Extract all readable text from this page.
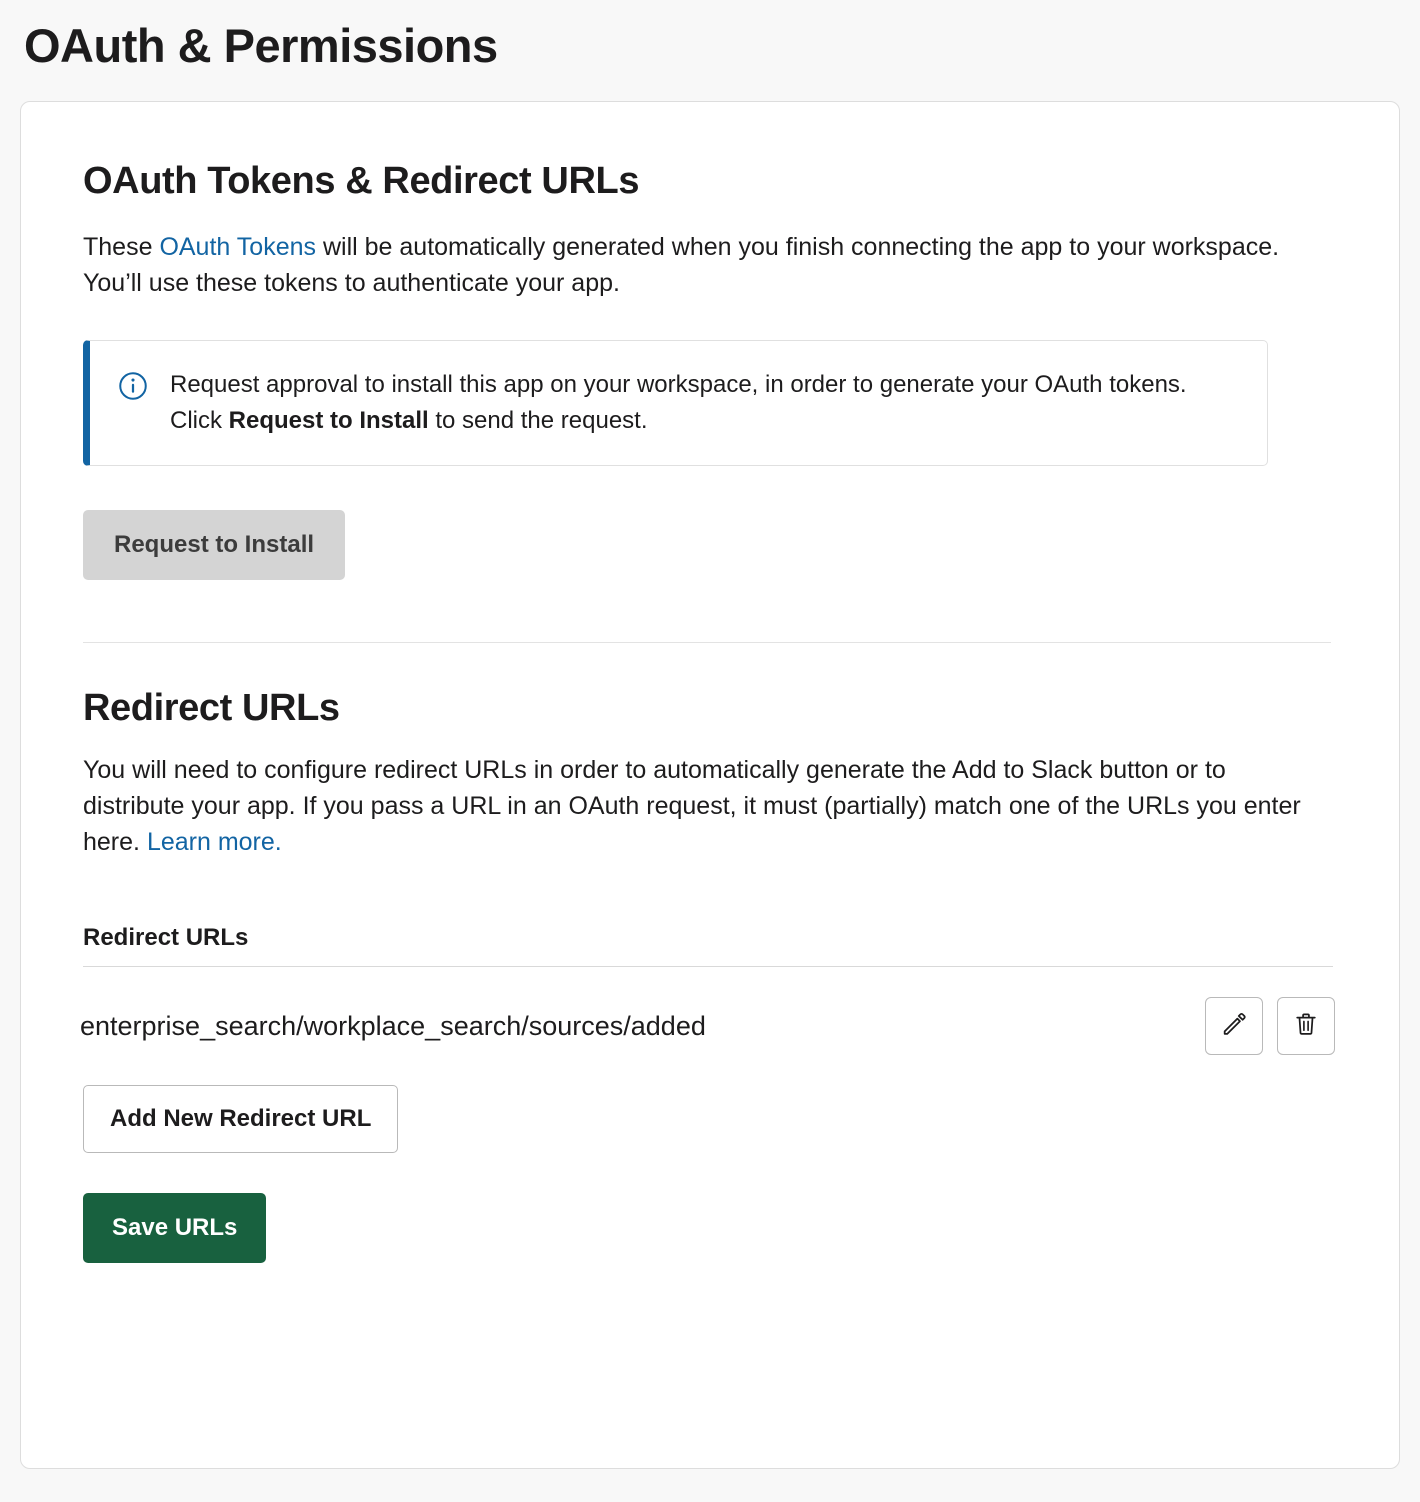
OAuth & Permissions
OAuth Tokens & Redirect URLs

These OAuth Tokens will be automatically generated when you finish connecting the app to your workspace. You’ll use these tokens to authenticate your app.

Request approval to install this app on your workspace, in order to generate your OAuth tokens. Click Request to Install to send the request.
Request to Install
Redirect URLs

You will need to configure redirect URLs in order to automatically generate the Add to Slack button or to distribute your app. If you pass a URL in an OAuth request, it must (partially) match one of the URLs you enter here. Learn more.

Redirect URLs
enterprise_search/workplace_search/sources/added
Add New Redirect URL
Save URLs
